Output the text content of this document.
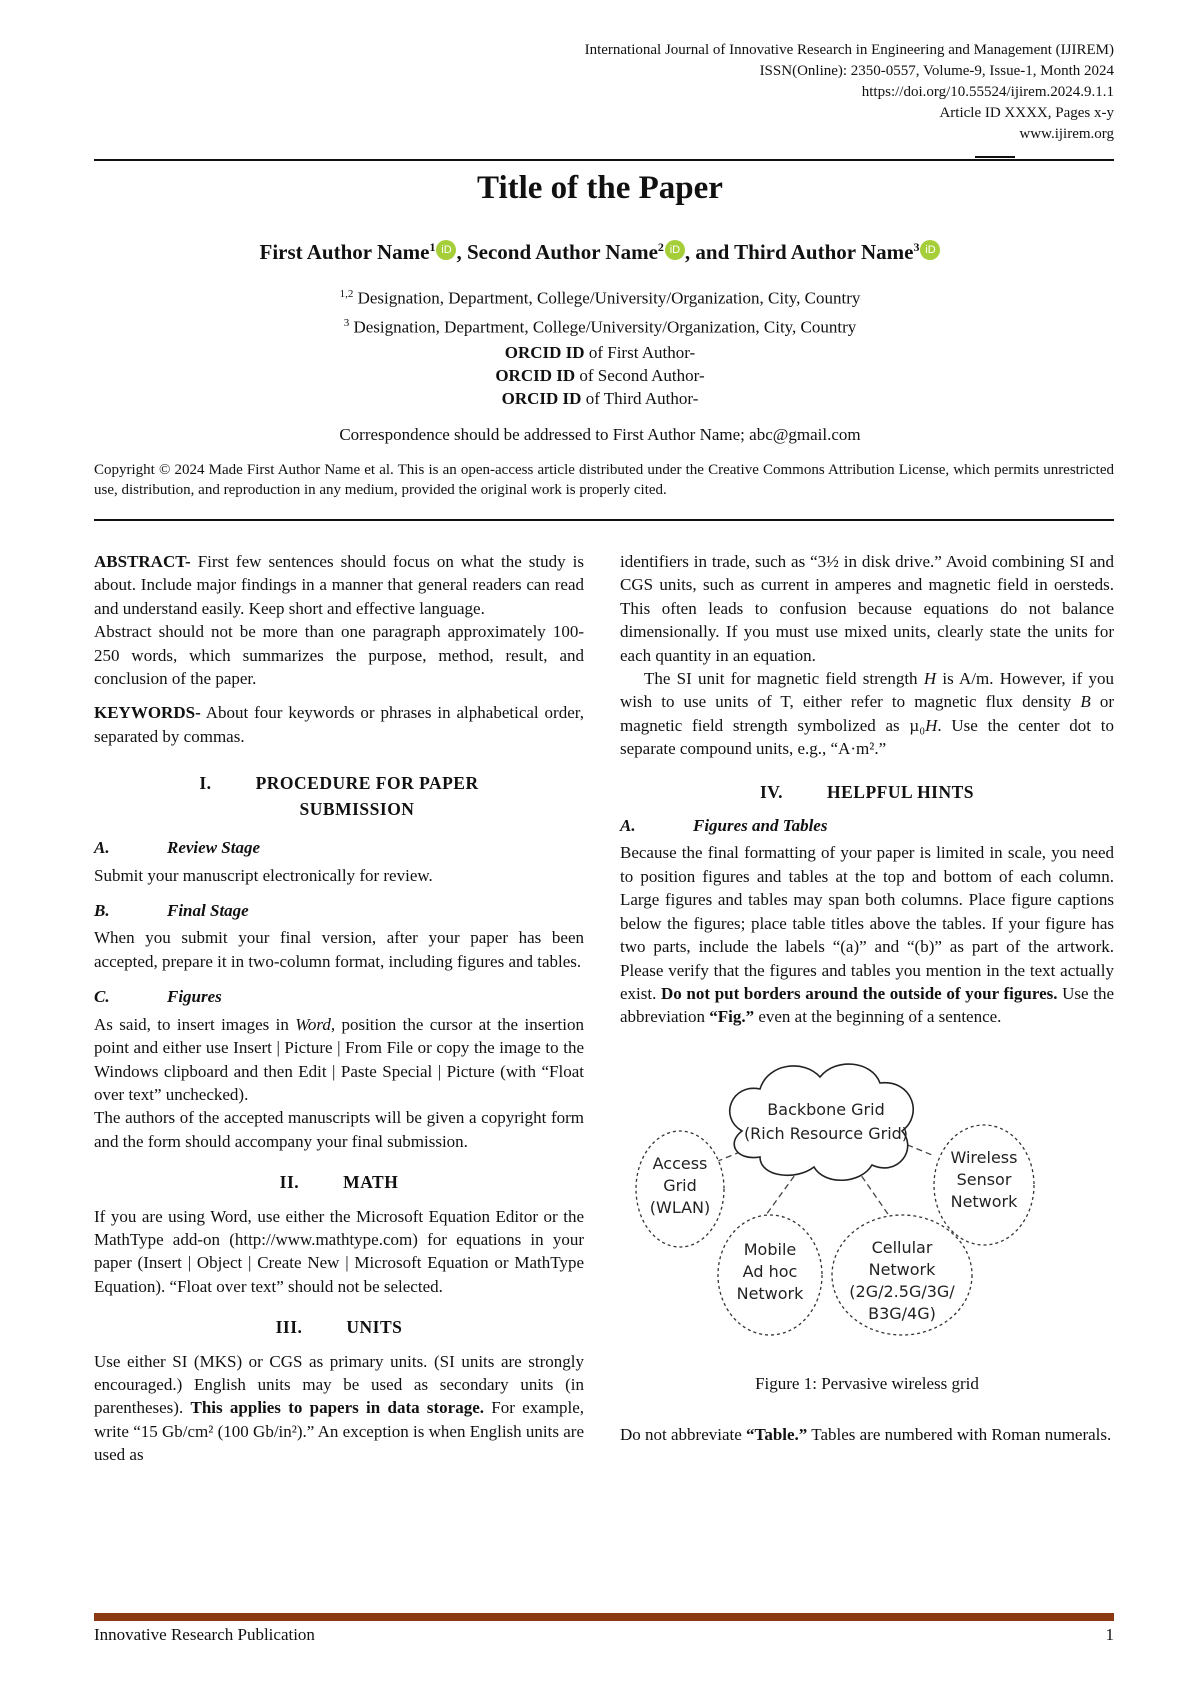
International Journal of Innovative Research in Engineering and Management (IJIREM)
ISSN(Online): 2350-0557, Volume-9, Issue-1, Month 2024
https://doi.org/10.55524/ijirem.2024.9.1.1
Article ID XXXX, Pages x-y
www.ijirem.org
Title of the Paper
First Author Name$^1$ iD , Second Author Name$^2$ iD , and Third Author Name$^3$ iD
$^{1,2}$ Designation, Department, College/University/Organization, City, Country
$^3$ Designation, Department, College/University/Organization, City, Country
ORCID ID of First Author-
ORCID ID of Second Author-
ORCID ID of Third Author-
Correspondence should be addressed to First Author Name; abc@gmail.com
Copyright © 2024 Made First Author Name et al. This is an open-access article distributed under the Creative Commons Attribution License, which permits unrestricted use, distribution, and reproduction in any medium, provided the original work is properly cited.

ABSTRACT- First few sentences should focus on what the study is about. Include major findings in a manner that general readers can read and understand easily. Keep short and effective language.

Abstract should not be more than one paragraph approximately 100-250 words, which summarizes the purpose, method, result, and conclusion of the paper.

KEYWORDS- About four keywords or phrases in alphabetical order, separated by commas.

I.	PROCEDURE FOR PAPER
SUBMISSION
A.	Review Stage

Submit your manuscript electronically for review.

B.	Final Stage

When you submit your final version, after your paper has been accepted, prepare it in two-column format, including figures and tables.

C.	Figures

As said, to insert images in Word, position the cursor at the insertion point and either use Insert | Picture | From File or copy the image to the Windows clipboard and then Edit | Paste Special | Picture (with “Float over text” unchecked).

The authors of the accepted manuscripts will be given a copyright form and the form should accompany your final submission.

II.	MATH

If you are using Word, use either the Microsoft Equation Editor or the MathType add-on (http://www.mathtype.com) for equations in your paper (Insert | Object | Create New | Microsoft Equation or MathType Equation). “Float over text” should not be selected.

III.	UNITS

Use either SI (MKS) or CGS as primary units. (SI units are strongly encouraged.) English units may be used as secondary units (in parentheses). This applies to papers in data storage. For example, write “15 Gb/cm² (100 Gb/in²).” An exception is when English units are used as

identifiers in trade, such as “3½ in disk drive.” Avoid combining SI and CGS units, such as current in amperes and magnetic field in oersteds. This often leads to confusion because equations do not balance dimensionally. If you must use mixed units, clearly state the units for each quantity in an equation.

The SI unit for magnetic field strength H is A/m. However, if you wish to use units of T, either refer to magnetic flux density B or magnetic field strength symbolized as µ₀H. Use the center dot to separate compound units, e.g., “A·m².”

IV.	HELPFUL HINTS
A.	Figures and Tables

Because the final formatting of your paper is limited in scale, you need to position figures and tables at the top and bottom of each column. Large figures and tables may span both columns. Place figure captions below the figures; place table titles above the tables. If your figure has two parts, include the labels “(a)” and “(b)” as part of the artwork. Please verify that the figures and tables you mention in the text actually exist. Do not put borders around the outside of your figures. Use the abbreviation “Fig.” even at the beginning of a sentence.

Backbone Grid
(Rich Resource Grid)
Access
Grid
(WLAN)
Wireless
Sensor
Network
Mobile
Ad hoc
Network
Cellular
Network
(2G/2.5G/3G/
B3G/4G)
Figure 1: Pervasive wireless grid

Do not abbreviate “Table.” Tables are numbered with Roman numerals.

Innovative Research Publication	1
